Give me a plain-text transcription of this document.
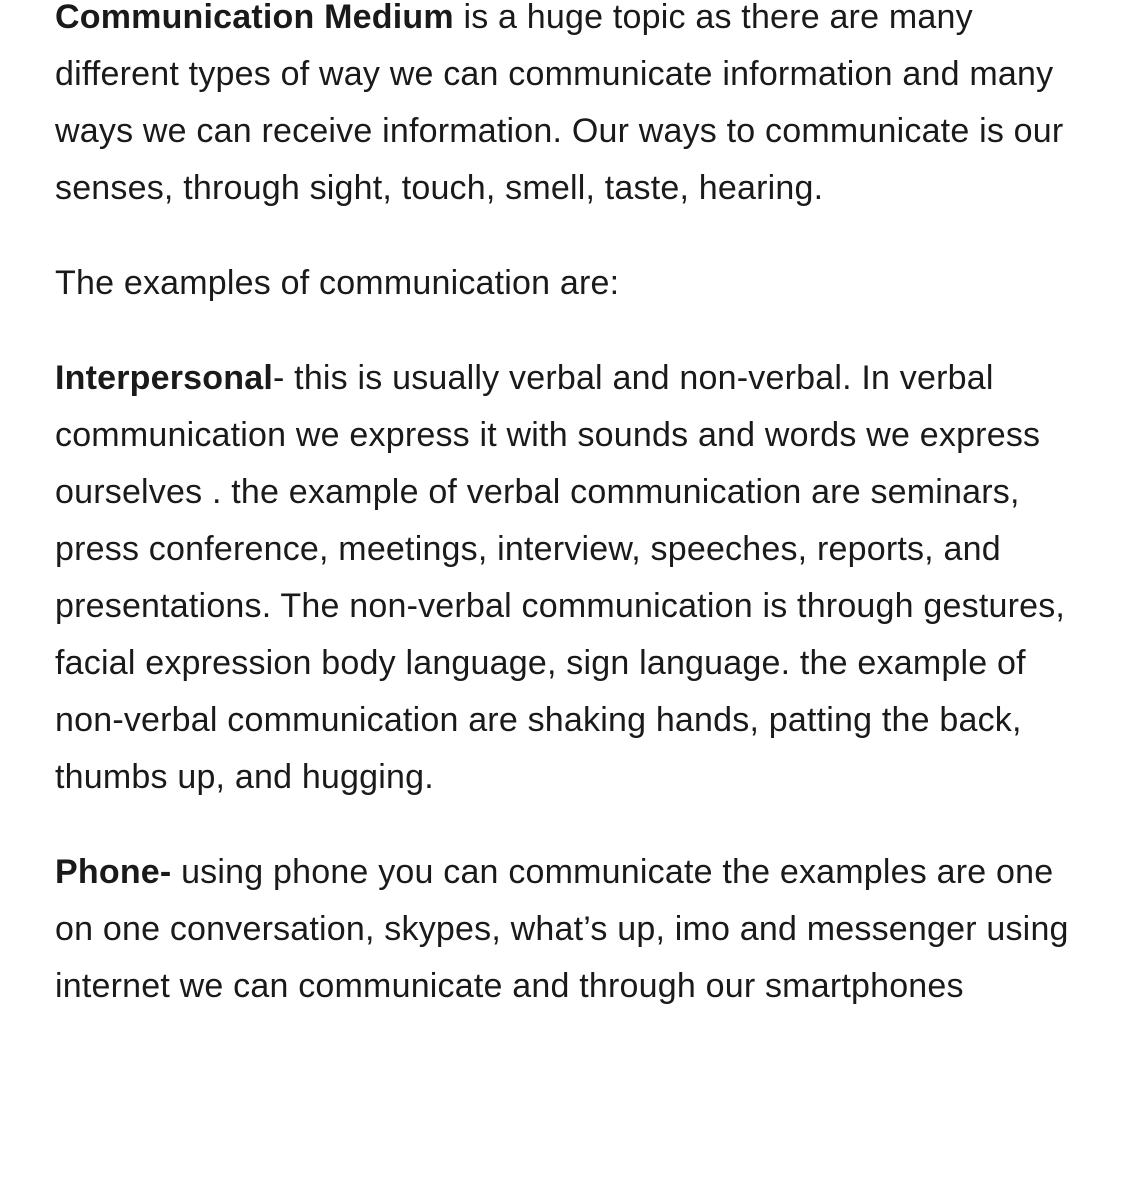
Communication Medium is a huge topic as there are many different types of way we can communicate information and many ways we can receive information. Our ways to communicate is our senses, through sight, touch, smell, taste, hearing.

The examples of communication are:

Interpersonal- this is usually verbal and non-verbal. In verbal communication we express it with sounds and words we express ourselves . the example of verbal communication are seminars, press conference, meetings, interview, speeches, reports, and presentations. The non-verbal communication is through gestures, facial expression body language, sign language. the example of non-verbal communication are shaking hands, patting the back, thumbs up, and hugging.

Phone- using phone you can communicate the examples are one on one conversation, skypes, what’s up, imo and messenger using internet we can communicate and through our smartphones
